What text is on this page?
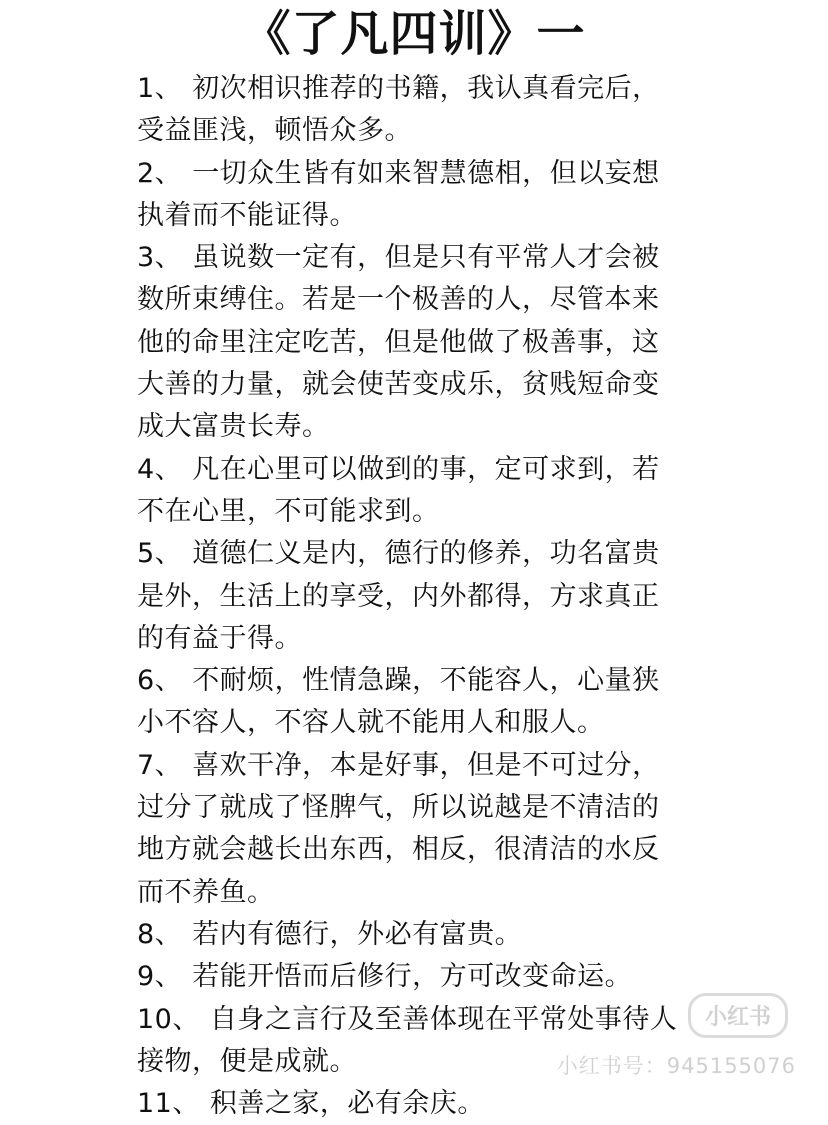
《了凡四训》一
1、 初次相识推荐的书籍，我认真看完后，
受益匪浅，顿悟众多。
2、 一切众生皆有如来智慧德相，但以妄想
执着而不能证得。
3、 虽说数一定有，但是只有平常人才会被
数所束缚住。若是一个极善的人，尽管本来
他的命里注定吃苦，但是他做了极善事，这
大善的力量，就会使苦变成乐，贫贱短命变
成大富贵长寿。
4、 凡在心里可以做到的事，定可求到，若
不在心里，不可能求到。
5、 道德仁义是内，德行的修养，功名富贵
是外，生活上的享受，内外都得，方求真正
的有益于得。
6、 不耐烦，性情急躁，不能容人，心量狭
小不容人，不容人就不能用人和服人。
7、 喜欢干净，本是好事，但是不可过分，
过分了就成了怪脾气，所以说越是不清洁的
地方就会越长出东西，相反，很清洁的水反
而不养鱼。
8、 若内有德行，外必有富贵。
9、 若能开悟而后修行，方可改变命运。
10、 自身之言行及至善体现在平常处事待人
接物，便是成就。
11、 积善之家，必有余庆。
小红书
小红书号：945155076
